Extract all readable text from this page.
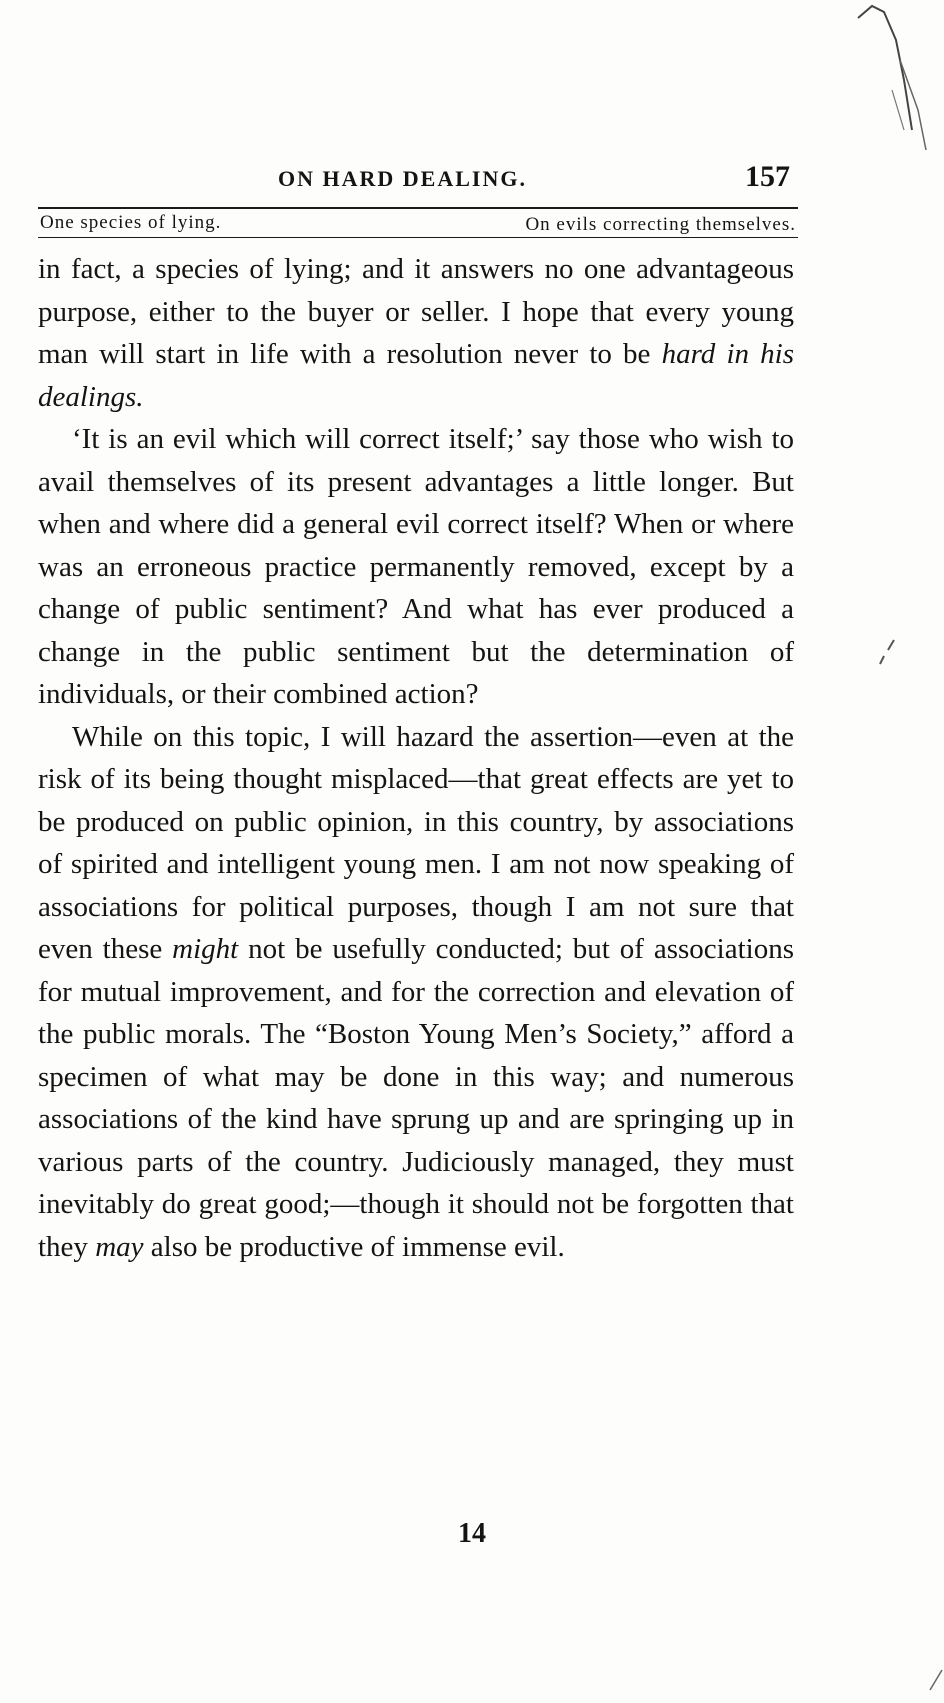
ON HARD DEALING.	157
One species of lying.	On evils correcting themselves.

in fact, a species of lying; and it answers no one advantageous purpose, either to the buyer or seller. I hope that every young man will start in life with a resolution never to be hard in his dealings.

‘It is an evil which will correct itself;’ say those who wish to avail themselves of its present advantages a little longer. But when and where did a general evil correct itself? When or where was an erroneous practice permanently removed, except by a change of public sentiment? And what has ever produced a change in the public sentiment but the determination of individuals, or their combined action?

While on this topic, I will hazard the assertion—even at the risk of its being thought misplaced—that great effects are yet to be produced on public opinion, in this country, by associations of spirited and intelligent young men. I am not now speaking of associations for political purposes, though I am not sure that even these might not be usefully conducted; but of associations for mutual improvement, and for the correction and elevation of the public morals. The “Boston Young Men’s Society,” afford a specimen of what may be done in this way; and numerous associations of the kind have sprung up and are springing up in various parts of the country. Judiciously managed, they must inevitably do great good;—though it should not be forgotten that they may also be productive of immense evil.

14
